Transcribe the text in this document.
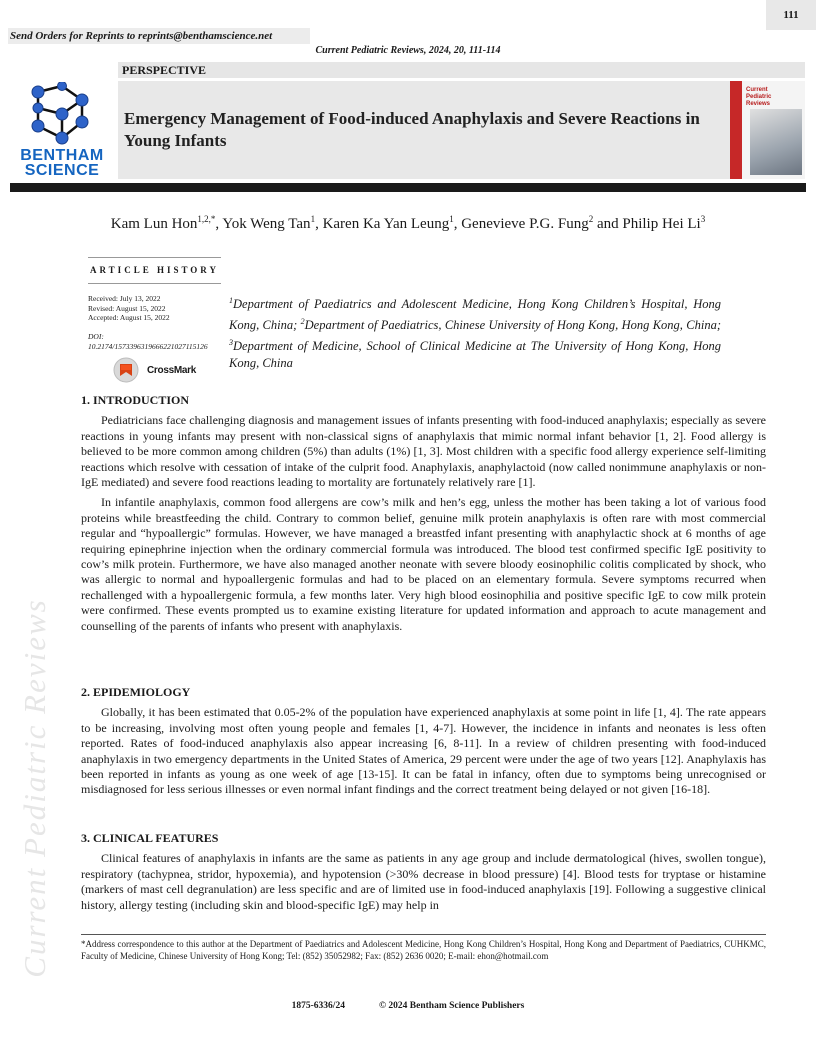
111
Send Orders for Reprints to reprints@benthamscience.net
Current Pediatric Reviews, 2024, 20, 111-114
BENTHAM
SCIENCE
PERSPECTIVE
Emergency Management of Food-induced Anaphylaxis and Severe Reactions in Young Infants
Current
Pediatric
Reviews
Kam Lun Hon$^{1,2,*}$, Yok Weng Tan$^1$, Karen Ka Yan Leung$^1$, Genevieve P.G. Fung$^2$ and Philip Hei Li$^3$
ARTICLE HISTORY
Received: July 13, 2022
Revised: August 15, 2022
Accepted: August 15, 2022
DOI:
10.2174/1573396319666221027115126
CrossMark
$^1$Department of Paediatrics and Adolescent Medicine, Hong Kong Children’s Hospital, Hong Kong, China; $^2$Department of Paediatrics, Chinese University of Hong Kong, Hong Kong, China; $^3$Department of Medicine, School of Clinical Medicine at The University of Hong Kong, Hong Kong, China
Current Pediatric Reviews

1. INTRODUCTION

Pediatricians face challenging diagnosis and management issues of infants presenting with food-induced anaphylaxis; especially as severe reactions in young infants may present with non-classical signs of anaphylaxis that mimic normal infant behavior [1, 2]. Food allergy is believed to be more common among children (5%) than adults (1%) [1, 3]. Most children with a specific food allergy experience self-limiting reactions which resolve with cessation of intake of the culprit food. Anaphylaxis, anaphylactoid (now called nonimmune anaphylaxis or non-IgE mediated) and severe food reactions leading to mortality are fortunately relatively rare [1].

In infantile anaphylaxis, common food allergens are cow’s milk and hen’s egg, unless the mother has been taking a lot of various food proteins while breastfeeding the child. Contrary to common belief, genuine milk protein anaphylaxis is often rare with most commercial regular and “hypoallergic” formulas. However, we have managed a breastfed infant presenting with anaphylactic shock at 6 months of age requiring epinephrine injection when the ordinary commercial formula was introduced. The blood test confirmed specific IgE positivity to cow’s milk protein. Furthermore, we have also managed another neonate with severe bloody eosinophilic colitis complicated by shock, who was allergic to normal and hypoallergenic formulas and had to be placed on an elementary formula. Severe symptoms recurred when rechallenged with a hypoallergenic formula, a few months later. Very high blood eosinophilia and positive specific IgE to cow milk protein were confirmed. These events prompted us to examine existing literature for updated information and approach to acute management and counselling of the parents of infants who present with anaphylaxis.

2. EPIDEMIOLOGY

Globally, it has been estimated that 0.05-2% of the population have experienced anaphylaxis at some point in life [1, 4]. The rate appears to be increasing, involving most often young people and females [1, 4-7]. However, the incidence in infants and neonates is less often reported. Rates of food-induced anaphylaxis also appear increasing [6, 8-11]. In a review of children presenting with food-induced anaphylaxis in two emergency departments in the United States of America, 29 percent were under the age of two years [12]. Anaphylaxis has been reported in infants as young as one week of age [13-15]. It can be fatal in infancy, often due to symptoms being unrecognised or misdiagnosed for less serious illnesses or even normal infant findings and the correct treatment being delayed or not given [16-18].

3. CLINICAL FEATURES

Clinical features of anaphylaxis in infants are the same as patients in any age group and include dermatological (hives, swollen tongue), respiratory (tachypnea, stridor, hypoxemia), and hypotension (>30% decrease in blood pressure) [4]. Blood tests for tryptase or histamine (markers of mast cell degranulation) are less specific and are of limited use in food-induced anaphylaxis [19]. Following a suggestive clinical history, allergy testing (including skin and blood-specific IgE) may help in

*Address correspondence to this author at the Department of Paediatrics and Adolescent Medicine, Hong Kong Children’s Hospital, Hong Kong and Department of Paediatrics, CUHKMC, Faculty of Medicine, Chinese University of Hong Kong; Tel: (852) 35052982; Fax: (852) 2636 0020; E-mail: ehon@hotmail.com
1875-6336/24	© 2024 Bentham Science Publishers
